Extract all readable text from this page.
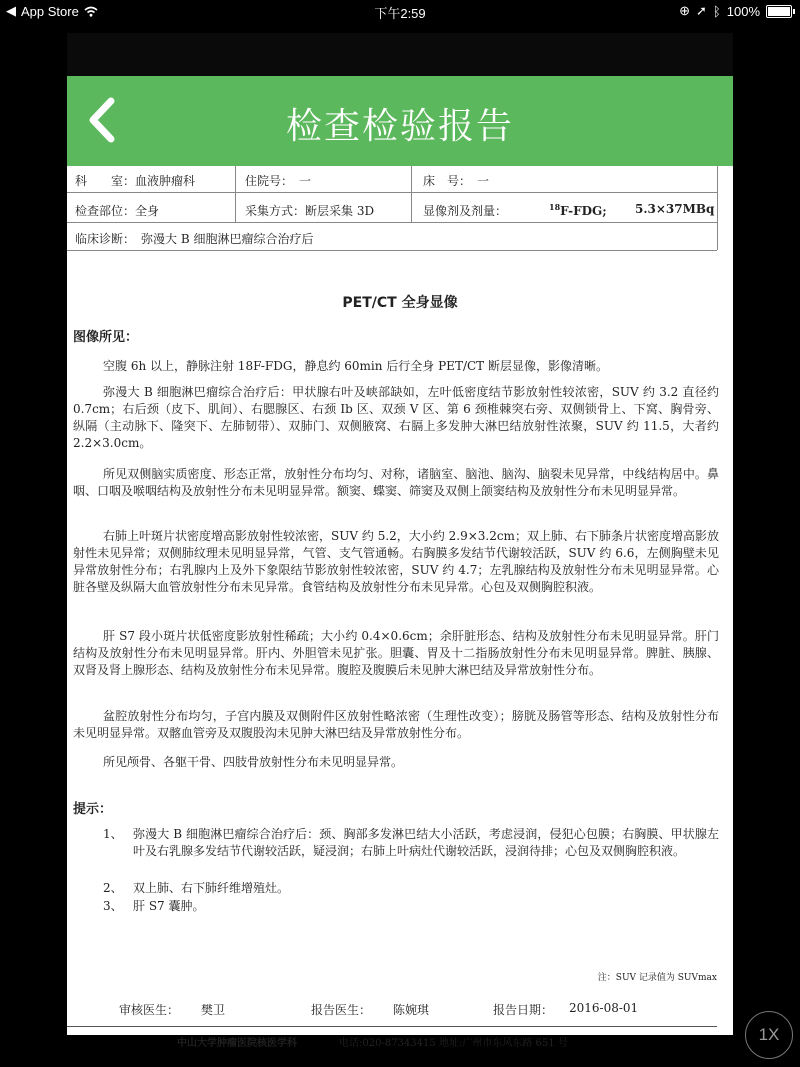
◀ App Store	下午2:59	⊕ ➚ ᛒ 100%
检查检验报告
科　　室：血液肿瘤科	住院号：　一	床　号：　一
检查部位：全身	采集方式：断层采集 3D	显像剂及剂量：	$^{18}$F-FDG; 5.3×37MBq
临床诊断：　弥漫大 B 细胞淋巴瘤综合治疗后
PET/CT 全身显像
图像所见：
空腹 6h 以上，静脉注射 18F-FDG，静息约 60min 后行全身 PET/CT 断层显像，影像清晰。
弥漫大 B 细胞淋巴瘤综合治疗后：甲状腺右叶及峡部缺如，左叶低密度结节影放射性较浓密，SUV 约 3.2 直径约 0.7cm；右后颈（皮下、肌间）、右腮腺区、右颈 Ib 区、双颈 V 区、第 6 颈椎棘突右旁、双侧锁骨上、下窝、胸骨旁、纵隔（主动脉下、隆突下、左肺韧带）、双肺门、双侧腋窝、右膈上多发肿大淋巴结放射性浓聚，SUV 约 11.5，大者约 2.2×3.0cm。
所见双侧脑实质密度、形态正常，放射性分布均匀、对称，诸脑室、脑池、脑沟、脑裂未见异常，中线结构居中。鼻咽、口咽及喉咽结构及放射性分布未见明显异常。额窦、蝶窦、筛窦及双侧上颌窦结构及放射性分布未见明显异常。
右肺上叶斑片状密度增高影放射性较浓密，SUV 约 5.2，大小约 2.9×3.2cm；双上肺、右下肺条片状密度增高影放射性未见异常；双侧肺纹理未见明显异常，气管、支气管通畅。右胸膜多发结节代谢较活跃，SUV 约 6.6，左侧胸壁未见异常放射性分布；右乳腺内上及外下象限结节影放射性较浓密，SUV 约 4.7；左乳腺结构及放射性分布未见明显异常。心脏各壁及纵隔大血管放射性分布未见异常。食管结构及放射性分布未见异常。心包及双侧胸腔积液。
肝 S7 段小斑片状低密度影放射性稀疏；大小约 0.4×0.6cm；余肝脏形态、结构及放射性分布未见明显异常。肝门结构及放射性分布未见明显异常。肝内、外胆管未见扩张。胆囊、胃及十二指肠放射性分布未见明显异常。脾脏、胰腺、双肾及肾上腺形态、结构及放射性分布未见异常。腹腔及腹膜后未见肿大淋巴结及异常放射性分布。
盆腔放射性分布均匀，子宫内膜及双侧附件区放射性略浓密（生理性改变）；膀胱及肠管等形态、结构及放射性分布未见明显异常。双髂血管旁及双腹股沟未见肿大淋巴结及异常放射性分布。
所见颅骨、各躯干骨、四肢骨放射性分布未见明显异常。
提示：
1、 弥漫大 B 细胞淋巴瘤综合治疗后：颈、胸部多发淋巴结大小活跃，考虑浸润，侵犯心包膜；右胸膜、甲状腺左叶及右乳腺多发结节代谢较活跃，疑浸润；右肺上叶病灶代谢较活跃，浸润待排；心包及双侧胸腔积液。
2、 双上肺、右下肺纤维增殖灶。
3、 肝 S7 囊肿。
注：SUV 记录值为 SUVmax
审核医生： 樊卫	报告医生： 陈婉琪	报告日期： 2016-08-01
中山大学肿瘤医院核医学科	电话:020-87343415 地址:广州市东风东路 651 号	1X
